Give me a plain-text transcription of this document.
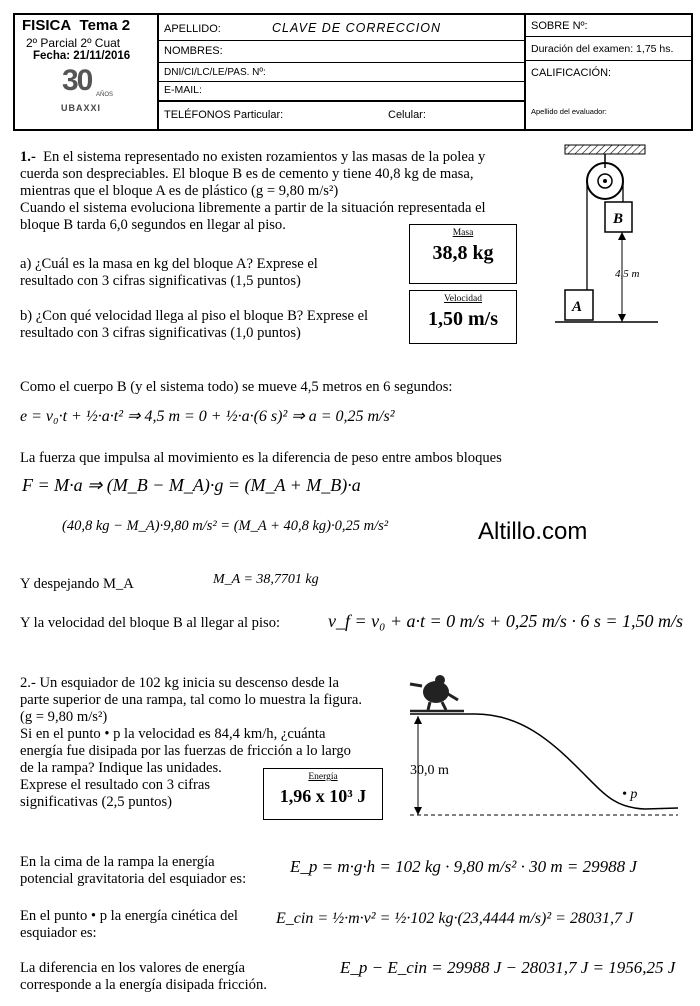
FISICA Tema 2
2º Parcial 2º Cuat
Fecha: 21/11/2016
30 AÑOS
UBAXXI
APELLIDO:	CLAVE DE CORRECCION
NOMBRES:
DNI/CI/LC/LE/PAS. Nº:
E-MAIL:
TELÉFONOS Particular:	Celular:
SOBRE Nº:
Duración del examen: 1,75 hs.
CALIFICACIÓN:
Apellido del evaluador:
1.- En el sistema representado no existen rozamientos y las masas de la polea y
cuerda son despreciables. El bloque B es de cemento y tiene 40,8 kg de masa,
mientras que el bloque A es de plástico (g = 9,80 m/s²)
Cuando el sistema evoluciona libremente a partir de la situación representada el
bloque B tarda 6,0 segundos en llegar al piso.
a) ¿Cuál es la masa en kg del bloque A? Exprese el
resultado con 3 cifras significativas (1,5 puntos)
b) ¿Con qué velocidad llega al piso el bloque B? Exprese el
resultado con 3 cifras significativas (1,0 puntos)
Masa
38,8 kg
Velocidad
1,50 m/s
B
A
4,5 m
Como el cuerpo B (y el sistema todo) se mueve 4,5 metros en 6 segundos:
e = v₀·t + ½·a·t² ⇒ 4,5 m = 0 + ½·a·(6 s)² ⇒ a = 0,25 m/s²
La fuerza que impulsa al movimiento es la diferencia de peso entre ambos bloques
F = M·a ⇒ (M_B − M_A)·g = (M_A + M_B)·a
(40,8 kg − M_A)·9,80 m/s² = (M_A + 40,8 kg)·0,25 m/s²	Altillo.com
Y despejando M_A	M_A = 38,7701 kg
Y la velocidad del bloque B al llegar al piso:	v_f = v₀ + a·t = 0 m/s + 0,25 m/s · 6 s = 1,50 m/s
2.- Un esquiador de 102 kg inicia su descenso desde la
parte superior de una rampa, tal como lo muestra la figura.
(g = 9,80 m/s²)
Si en el punto • p la velocidad es 84,4 km/h, ¿cuánta
energía fue disipada por las fuerzas de fricción a lo largo
de la rampa? Indique las unidades.
Exprese el resultado con 3 cifras
significativas (2,5 puntos)
Energía
1,96 x 10³ J
30,0 m
• p
En la cima de la rampa la energía
potencial gravitatoria del esquiador es:
E_p = m·g·h = 102 kg · 9,80 m/s² · 30 m = 29988 J
En el punto • p la energía cinética del
esquiador es:
E_cin = ½·m·v² = ½·102 kg·(23,4444 m/s)² = 28031,7 J
La diferencia en los valores de energía
corresponde a la energía disipada fricción.
E_p − E_cin = 29988 J − 28031,7 J = 1956,25 J
